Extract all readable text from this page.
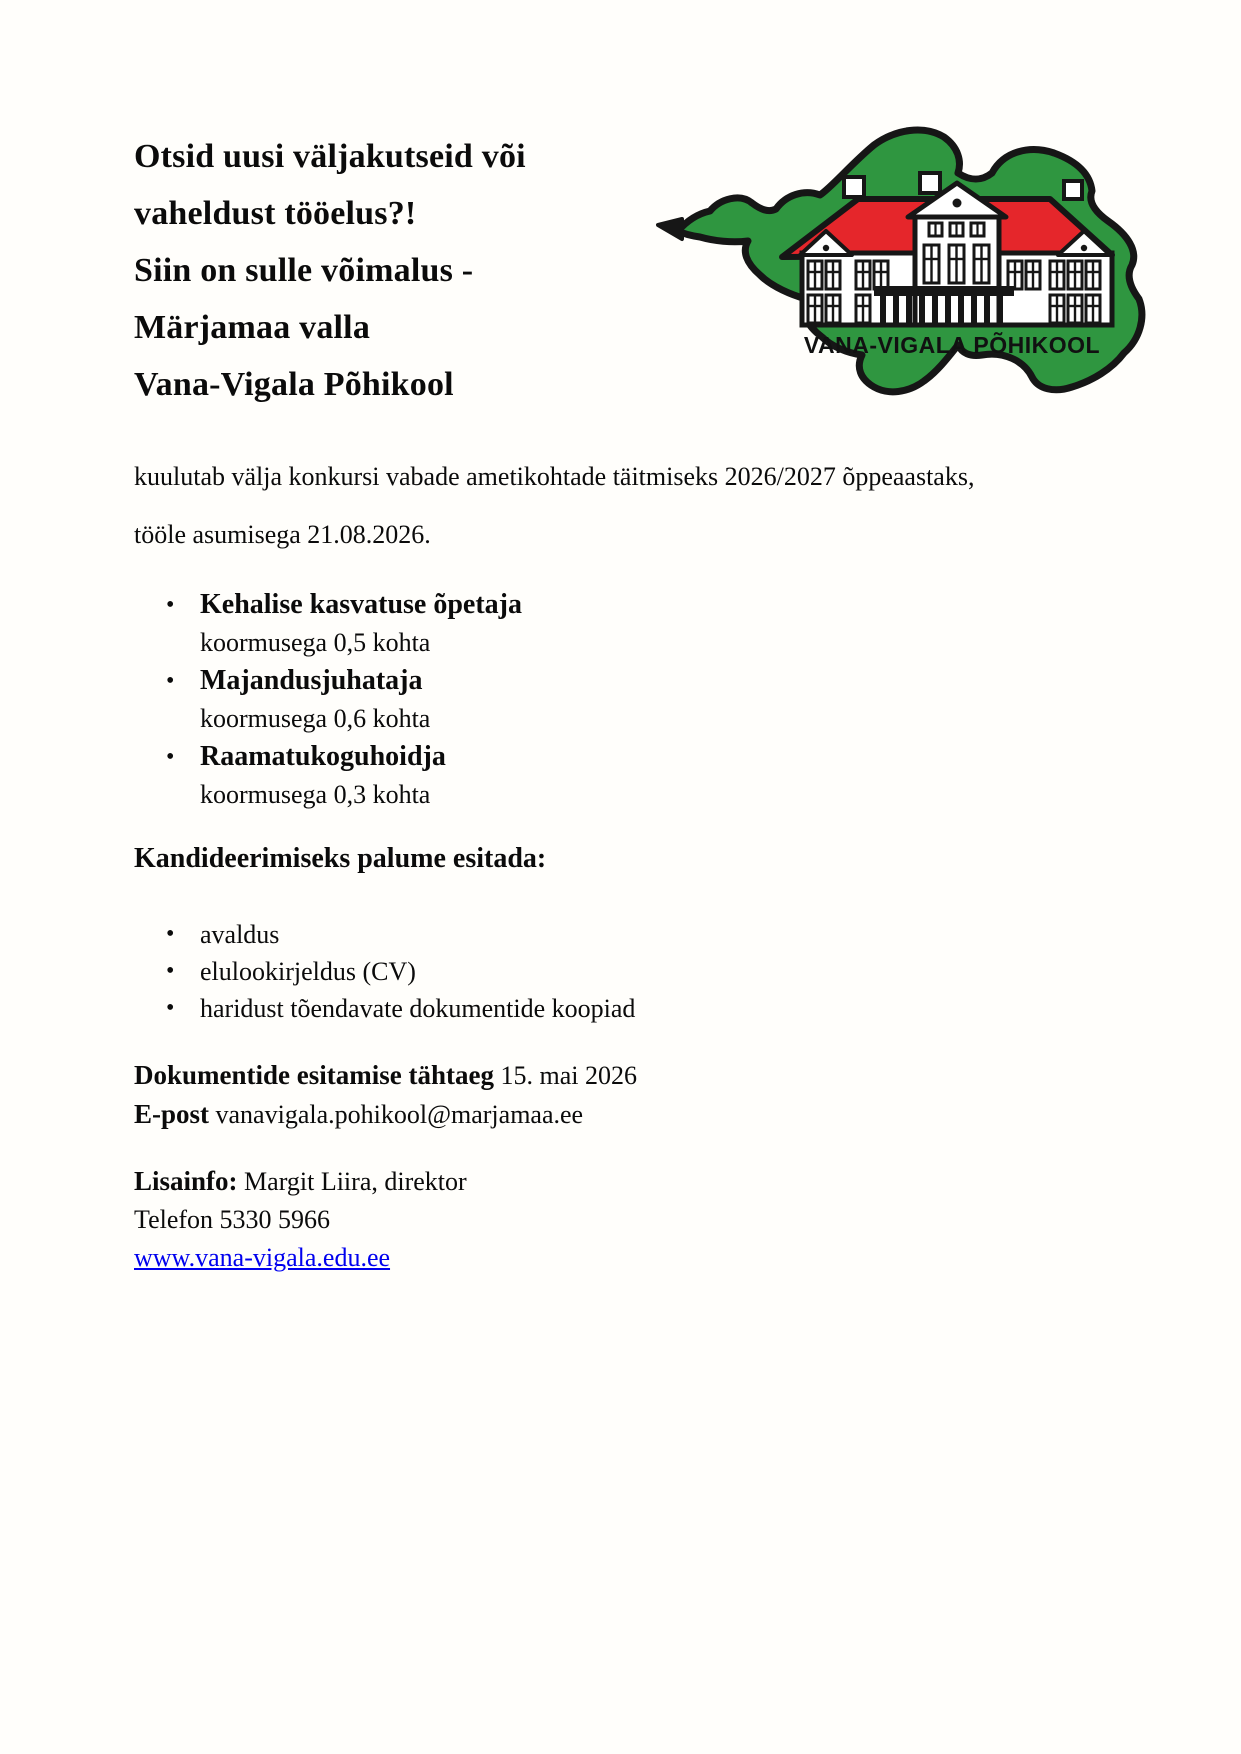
Otsid uusi väljakutseid või
vaheldust tööelus?!
Siin on sulle võimalus -
Märjamaa valla
Vana-Vigala Põhikool
VANA-VIGALA PÕHIKOOL
kuulutab välja konkursi vabade ametikohtade täitmiseks 2026/2027 õppeaastaks,
tööle asumisega 21.08.2026.
• Kehalise kasvatuse õpetaja
koormusega 0,5 kohta
• Majandusjuhataja
koormusega 0,6 kohta
• Raamatukoguhoidja
koormusega 0,3 kohta
Kandideerimiseks palume esitada:
• avaldus
• elulookirjeldus (CV)
• haridust tõendavate dokumentide koopiad
Dokumentide esitamise tähtaeg 15. mai 2026
E-post vanavigala.pohikool@marjamaa.ee
Lisainfo: Margit Liira, direktor
Telefon 5330 5966
www.vana-vigala.edu.ee
